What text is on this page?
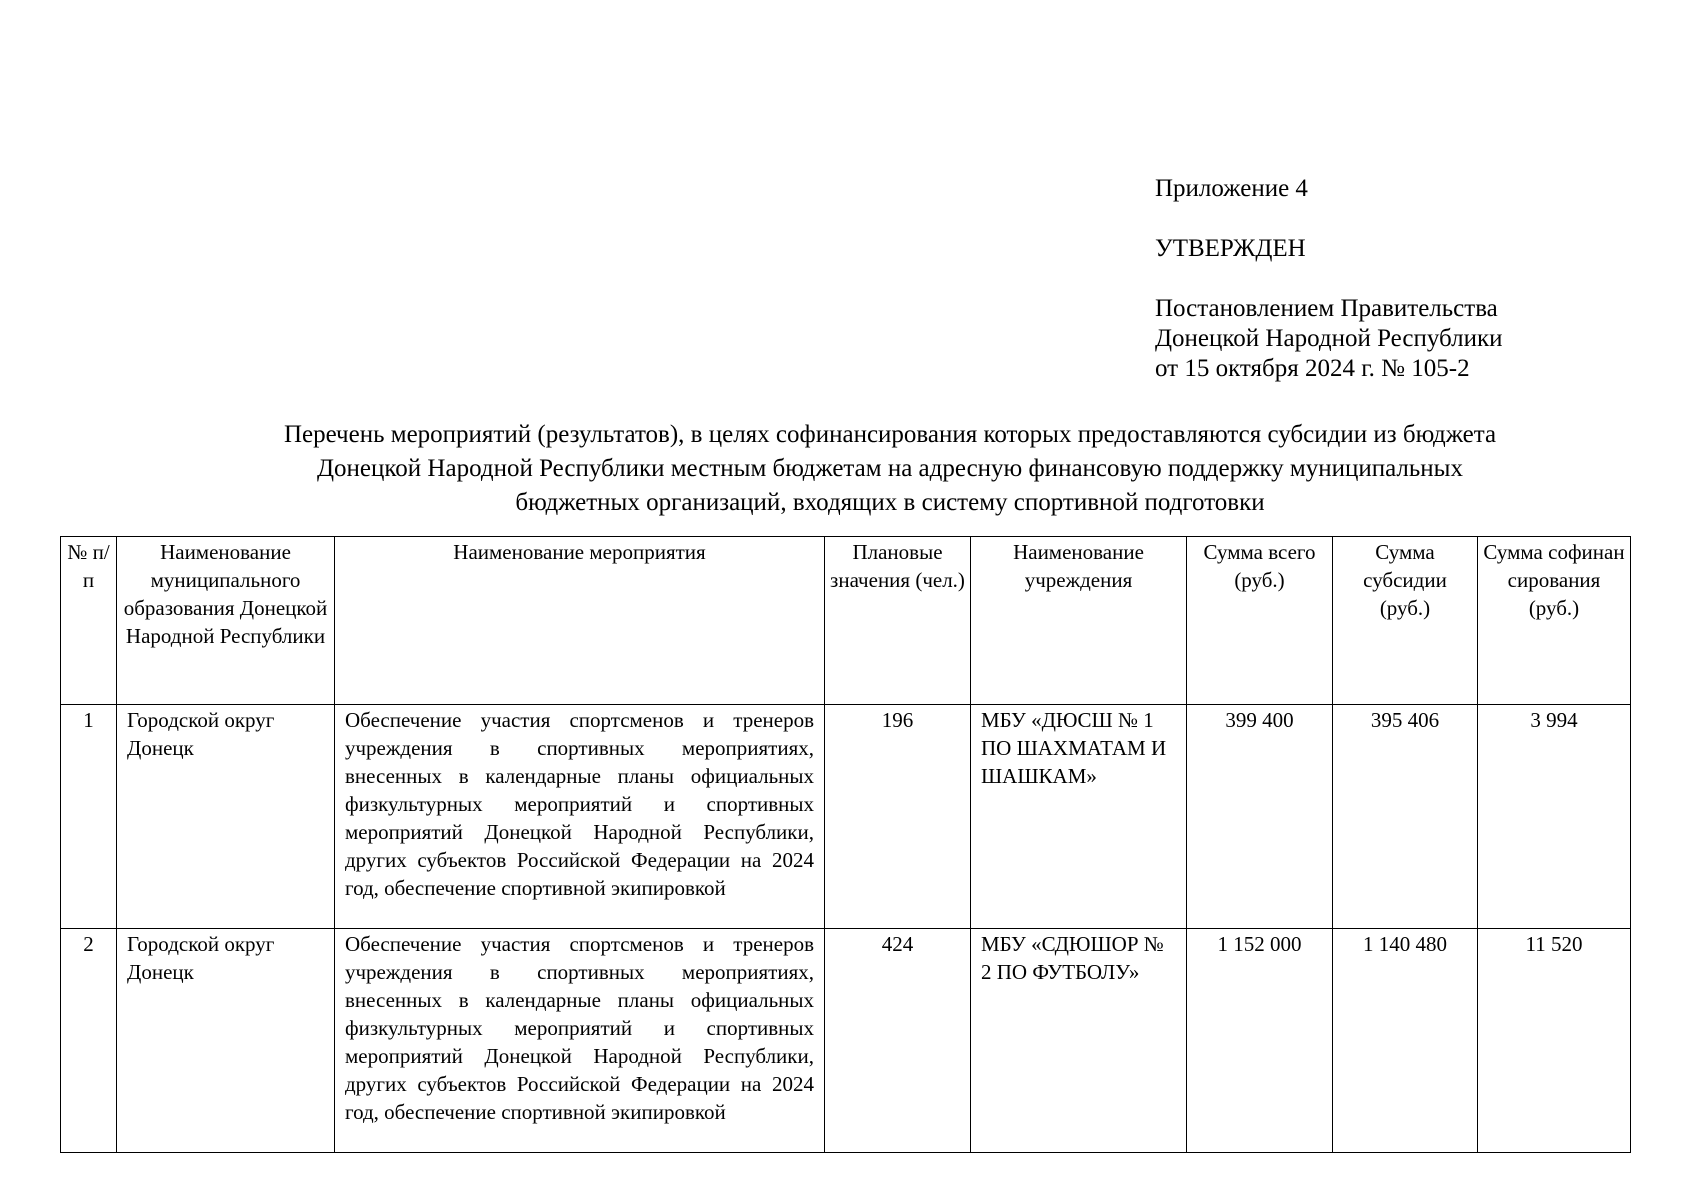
Приложение 4
УТВЕРЖДЕН
Постановлением Правительства
Донецкой Народной Республики
от 15 октября 2024 г. № 105-2
Перечень мероприятий (результатов), в целях софинансирования которых предоставляются субсидии из бюджета
Донецкой Народной Республики местным бюджетам на адресную финансовую поддержку муниципальных
бюджетных организаций, входящих в систему спортивной подготовки
№ п/п	Наименование муниципального образования Донецкой Народной Республики	Наименование мероприятия	Плановые значения (чел.)	Наименование учреждения	Сумма всего (руб.)	Сумма субсидии (руб.)	Сумма софинан сирования (руб.)
1	Городской округ Донецк	Обеспечение участия спортсменов и тренеров учреждения в спортивных мероприятиях, внесенных в календарные планы официальных физкультурных мероприятий и спортивных мероприятий Донецкой Народной Республики, других субъектов Российской Федерации на 2024 год, обеспечение спортивной экипировкой	196	МБУ «ДЮСШ № 1 ПО ШАХМАТАМ И ШАШКАМ»	399 400	395 406	3 994
2	Городской округ Донецк	Обеспечение участия спортсменов и тренеров учреждения в спортивных мероприятиях, внесенных в календарные планы официальных физкультурных мероприятий и спортивных мероприятий Донецкой Народной Республики, других субъектов Российской Федерации на 2024 год, обеспечение спортивной экипировкой	424	МБУ «СДЮШОР № 2 ПО ФУТБОЛУ»	1 152 000	1 140 480	11 520
